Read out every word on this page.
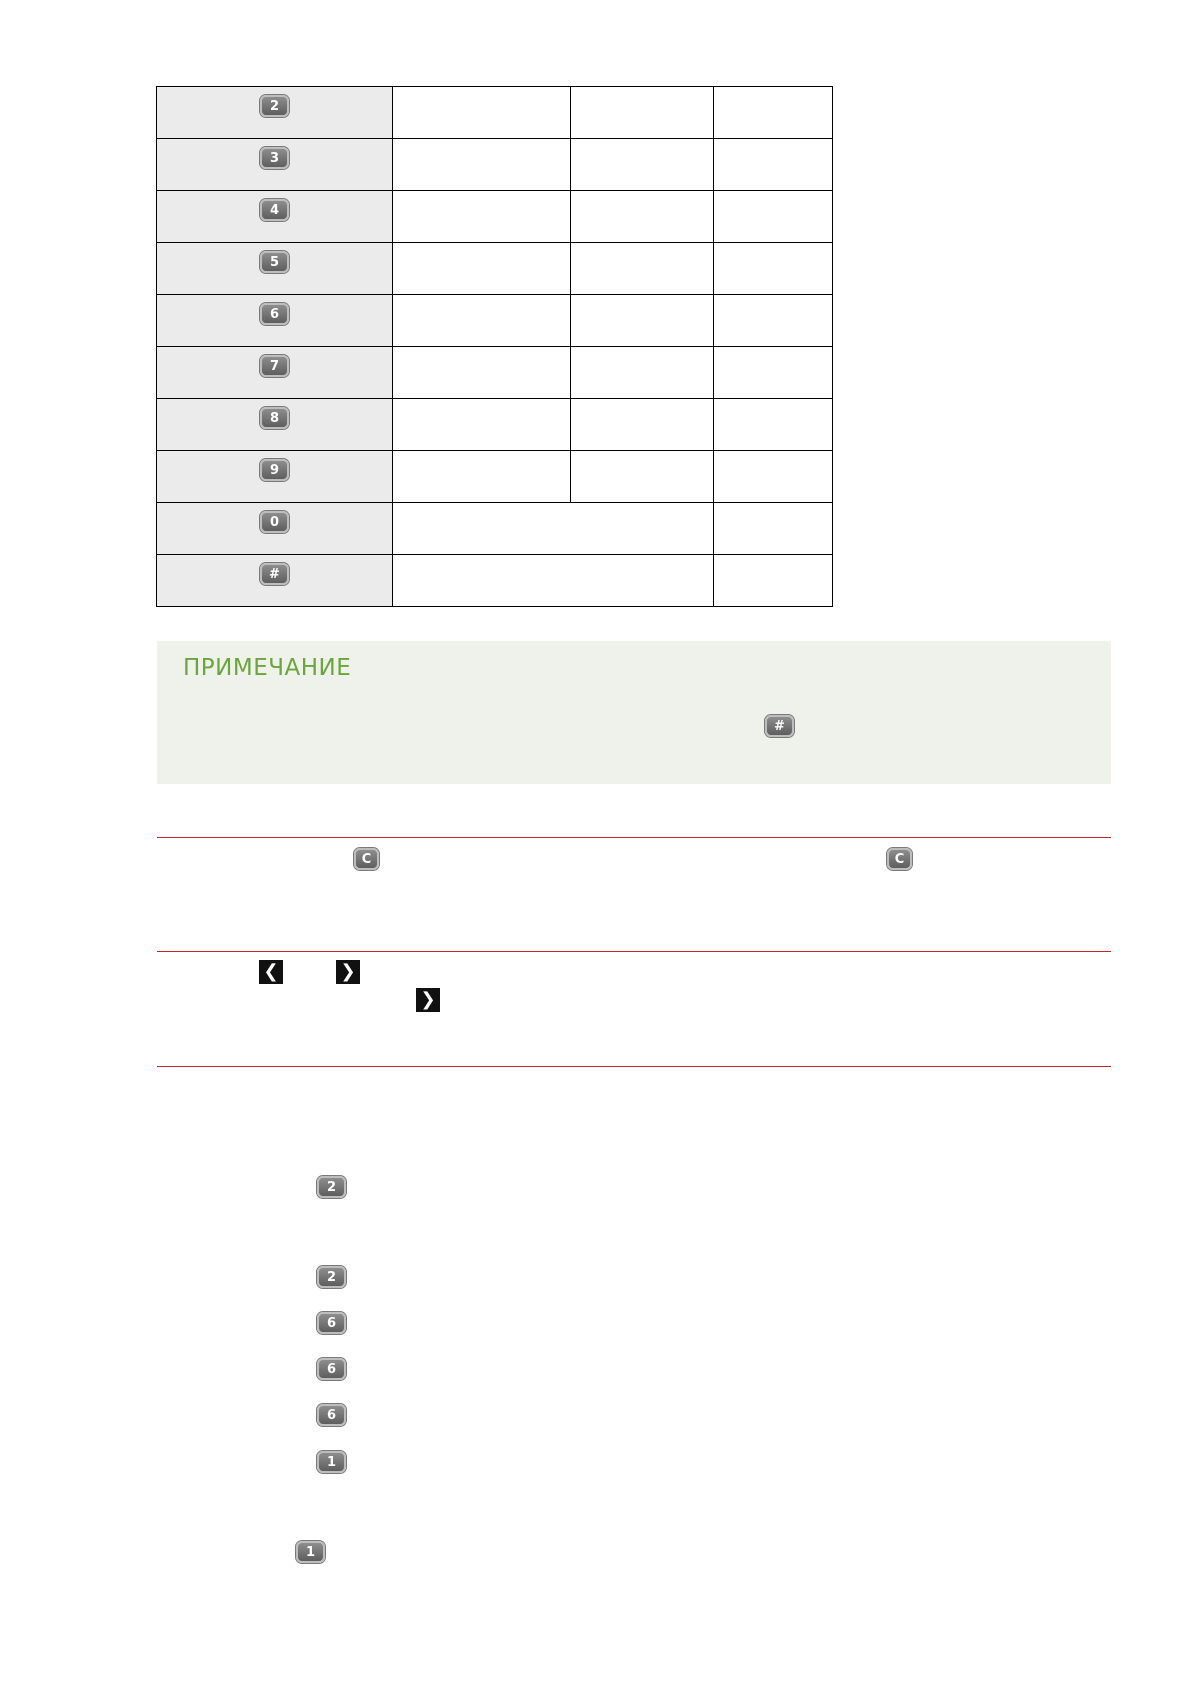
2			
3			
4			
5			
6			
7			
8			
9			
0			
#			
ПРИМЕЧАНИЕ
#
C	C
❮	❯
❯
2
2
6
6
6
1
1
